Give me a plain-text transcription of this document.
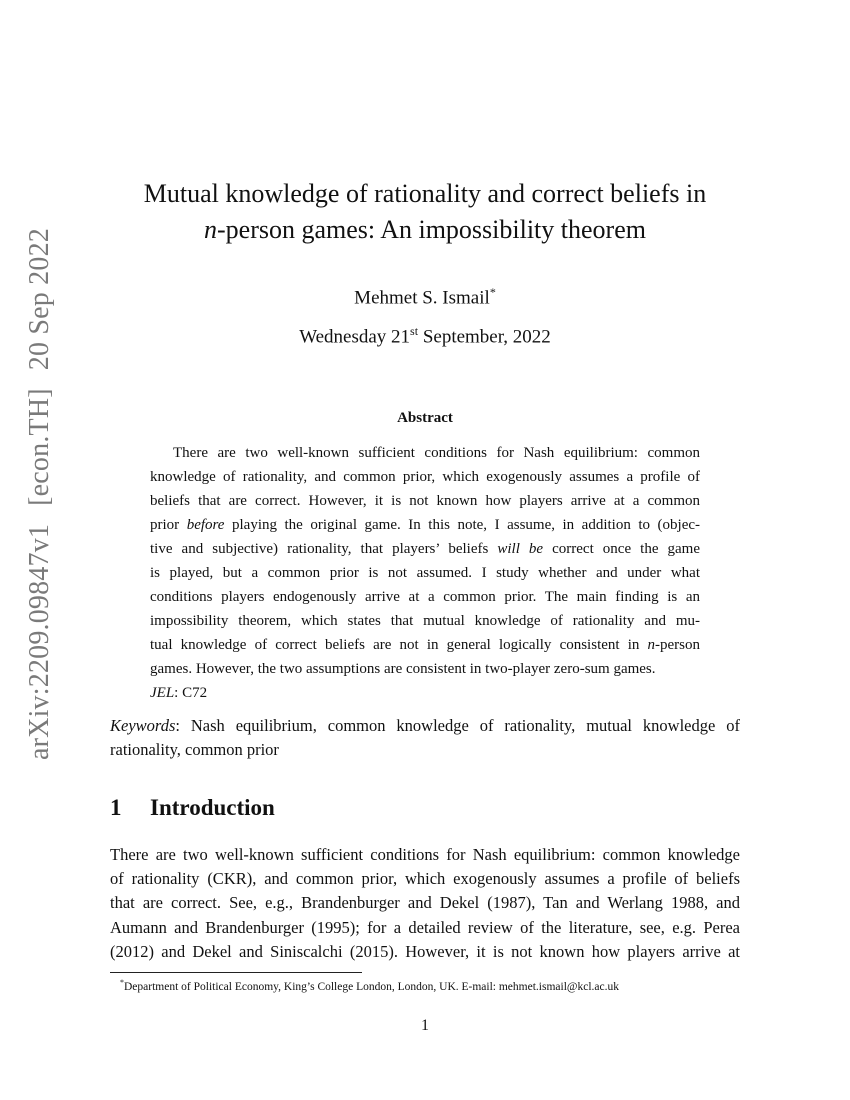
arXiv:2209.09847v1[econ.TH]20 Sep 2022
Mutual knowledge of rationality and correct beliefs in
n-person games: An impossibility theorem
Mehmet S. Ismail*
Wednesday 21st September, 2022
Abstract
There are two well-known sufficient conditions for Nash equilibrium: common
knowledge of rationality, and common prior, which exogenously assumes a profile of
beliefs that are correct. However, it is not known how players arrive at a common
prior before playing the original game. In this note, I assume, in addition to (objec-
tive and subjective) rationality, that players’ beliefs will be correct once the game
is played, but a common prior is not assumed. I study whether and under what
conditions players endogenously arrive at a common prior. The main finding is an
impossibility theorem, which states that mutual knowledge of rationality and mu-
tual knowledge of correct beliefs are not in general logically consistent in n-person
games. However, the two assumptions are consistent in two-player zero-sum games.
JEL: C72
Keywords: Nash equilibrium, common knowledge of rationality, mutual knowledge of
rationality, common prior
1 Introduction
There are two well-known sufficient conditions for Nash equilibrium: common knowledge
of rationality (CKR), and common prior, which exogenously assumes a profile of beliefs
that are correct. See, e.g., Brandenburger and Dekel (1987), Tan and Werlang 1988, and
Aumann and Brandenburger (1995); for a detailed review of the literature, see, e.g. Perea
(2012) and Dekel and Siniscalchi (2015). However, it is not known how players arrive at
*Department of Political Economy, King’s College London, London, UK. E-mail: mehmet.ismail@kcl.ac.uk
1
